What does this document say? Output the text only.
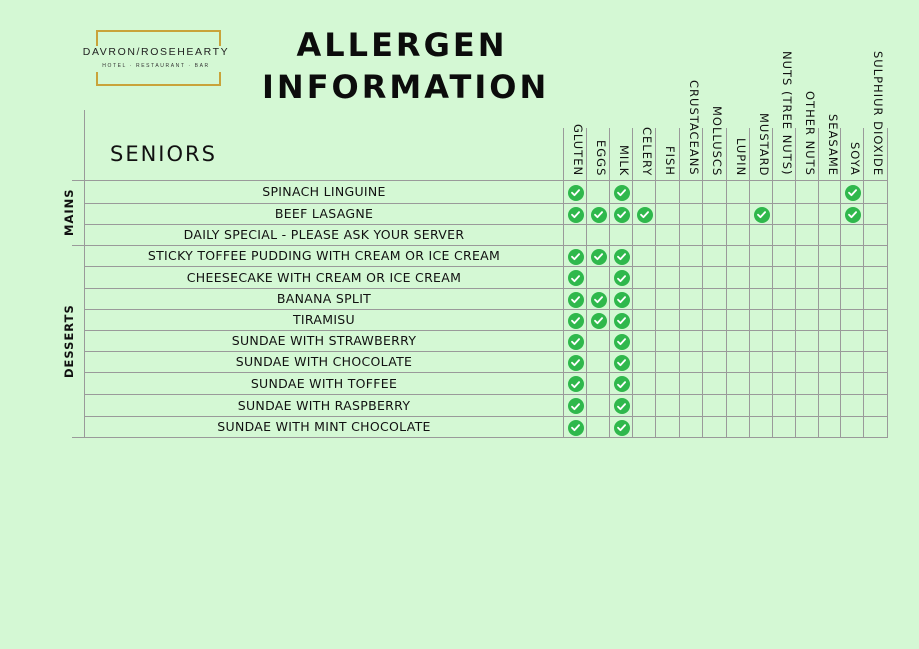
DAVRON/ROSEHEARTY
HOTEL · RESTAURANT · BAR
ALLERGEN
INFORMATION
SENIORS	GLUTEN EGGS MILK CELERY FISH CRUSTACEANS MOLLUSCS LUPIN MUSTARD NUTS (TREE NUTS) OTHER NUTS SEASAME SOYA SULPHIUR DIOXIDE
MAINS
DESSERTS
SPINACH LINGUINE
BEEF LASAGNE
DAILY SPECIAL - PLEASE ASK YOUR SERVER
STICKY TOFFEE PUDDING WITH CREAM OR ICE CREAM
CHEESECAKE WITH CREAM OR ICE CREAM
BANANA SPLIT
TIRAMISU
SUNDAE WITH STRAWBERRY
SUNDAE WITH CHOCOLATE
SUNDAE WITH TOFFEE
SUNDAE WITH RASPBERRY
SUNDAE WITH MINT CHOCOLATE
